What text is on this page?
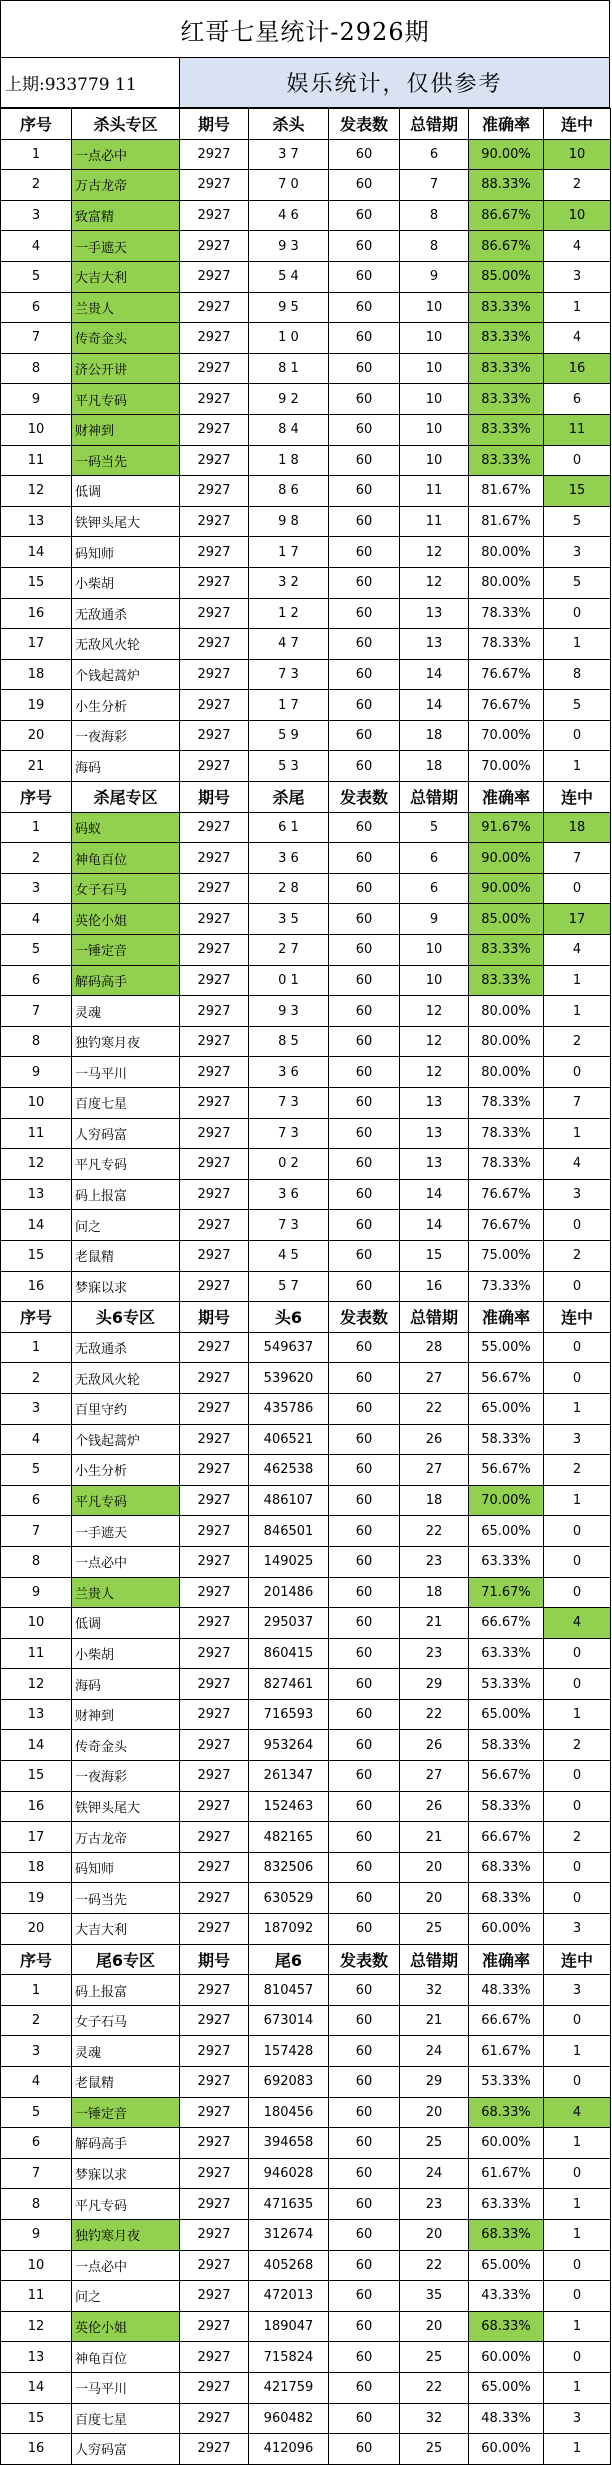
红哥七星统计-2926期
上期:933779 11	娱乐统计，仅供参考
序号	杀头专区	期号	杀头	发表数	总错期	准确率	连中
1	一点必中	2927	3 7	60	6	90.00%	10
2	万古龙帝	2927	7 0	60	7	88.33%	2
3	致富精	2927	4 6	60	8	86.67%	10
4	一手遮天	2927	9 3	60	8	86.67%	4
5	大吉大利	2927	5 4	60	9	85.00%	3
6	兰贵人	2927	9 5	60	10	83.33%	1
7	传奇金头	2927	1 0	60	10	83.33%	4
8	济公开讲	2927	8 1	60	10	83.33%	16
9	平凡专码	2927	9 2	60	10	83.33%	6
10	财神到	2927	8 4	60	10	83.33%	11
11	一码当先	2927	1 8	60	10	83.33%	0
12	低调	2927	8 6	60	11	81.67%	15
13	铁钾头尾大	2927	9 8	60	11	81.67%	5
14	码知师	2927	1 7	60	12	80.00%	3
15	小柴胡	2927	3 2	60	12	80.00%	5
16	无敌通杀	2927	1 2	60	13	78.33%	0
17	无敌风火轮	2927	4 7	60	13	78.33%	1
18	个钱起蒿炉	2927	7 3	60	14	76.67%	8
19	小生分析	2927	1 7	60	14	76.67%	5
20	一夜海彩	2927	5 9	60	18	70.00%	0
21	海码	2927	5 3	60	18	70.00%	1
序号	杀尾专区	期号	杀尾	发表数	总错期	准确率	连中
1	码蚁	2927	6 1	60	5	91.67%	18
2	神龟百位	2927	3 6	60	6	90.00%	7
3	女子石马	2927	2 8	60	6	90.00%	0
4	英伦小姐	2927	3 5	60	9	85.00%	17
5	一锤定音	2927	2 7	60	10	83.33%	4
6	解码高手	2927	0 1	60	10	83.33%	1
7	灵魂	2927	9 3	60	12	80.00%	1
8	独钓寒月夜	2927	8 5	60	12	80.00%	2
9	一马平川	2927	3 6	60	12	80.00%	0
10	百度七星	2927	7 3	60	13	78.33%	7
11	人穷码富	2927	7 3	60	13	78.33%	1
12	平凡专码	2927	0 2	60	13	78.33%	4
13	码上报富	2927	3 6	60	14	76.67%	3
14	问之	2927	7 3	60	14	76.67%	0
15	老鼠精	2927	4 5	60	15	75.00%	2
16	梦寐以求	2927	5 7	60	16	73.33%	0
序号	头6专区	期号	头6	发表数	总错期	准确率	连中
1	无敌通杀	2927	549637	60	28	55.00%	0
2	无敌风火轮	2927	539620	60	27	56.67%	0
3	百里守约	2927	435786	60	22	65.00%	1
4	个钱起蒿炉	2927	406521	60	26	58.33%	3
5	小生分析	2927	462538	60	27	56.67%	2
6	平凡专码	2927	486107	60	18	70.00%	1
7	一手遮天	2927	846501	60	22	65.00%	0
8	一点必中	2927	149025	60	23	63.33%	0
9	兰贵人	2927	201486	60	18	71.67%	0
10	低调	2927	295037	60	21	66.67%	4
11	小柴胡	2927	860415	60	23	63.33%	0
12	海码	2927	827461	60	29	53.33%	0
13	财神到	2927	716593	60	22	65.00%	1
14	传奇金头	2927	953264	60	26	58.33%	2
15	一夜海彩	2927	261347	60	27	56.67%	0
16	铁钾头尾大	2927	152463	60	26	58.33%	0
17	万古龙帝	2927	482165	60	21	66.67%	2
18	码知师	2927	832506	60	20	68.33%	0
19	一码当先	2927	630529	60	20	68.33%	0
20	大吉大利	2927	187092	60	25	60.00%	3
序号	尾6专区	期号	尾6	发表数	总错期	准确率	连中
1	码上报富	2927	810457	60	32	48.33%	3
2	女子石马	2927	673014	60	21	66.67%	0
3	灵魂	2927	157428	60	24	61.67%	1
4	老鼠精	2927	692083	60	29	53.33%	0
5	一锤定音	2927	180456	60	20	68.33%	4
6	解码高手	2927	394658	60	25	60.00%	1
7	梦寐以求	2927	946028	60	24	61.67%	0
8	平凡专码	2927	471635	60	23	63.33%	1
9	独钓寒月夜	2927	312674	60	20	68.33%	1
10	一点必中	2927	405268	60	22	65.00%	0
11	问之	2927	472013	60	35	43.33%	0
12	英伦小姐	2927	189047	60	20	68.33%	1
13	神龟百位	2927	715824	60	25	60.00%	0
14	一马平川	2927	421759	60	22	65.00%	1
15	百度七星	2927	960482	60	32	48.33%	3
16	人穷码富	2927	412096	60	25	60.00%	1
